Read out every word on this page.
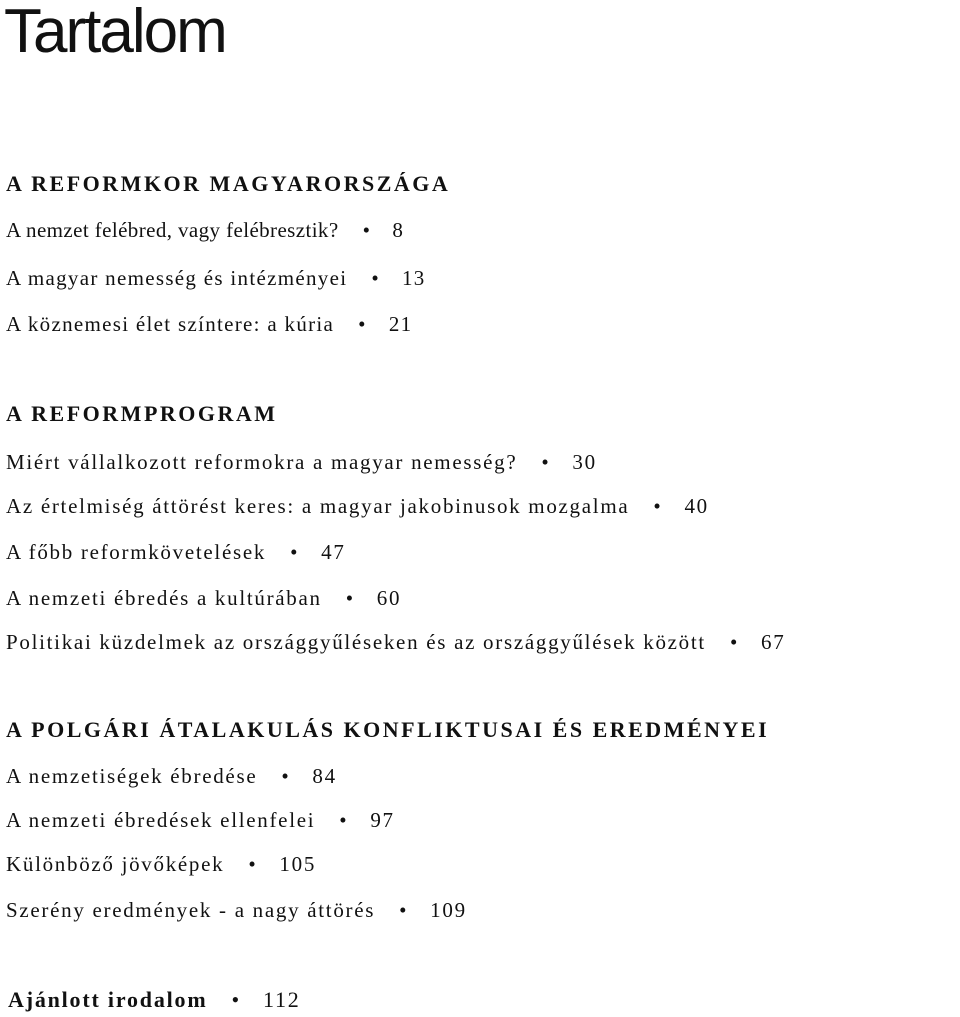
Tartalom
A REFORMKOR MAGYARORSZÁGA

A nemzet felébred, vagy felébresztik? • 8

A magyar nemesség és intézményei • 13

A köznemesi élet színtere: a kúria • 21

A REFORMPROGRAM

Miért vállalkozott reformokra a magyar nemesség? • 30

Az értelmiség áttörést keres: a magyar jakobinusok mozgalma • 40

A főbb reformkövetelések • 47

A nemzeti ébredés a kultúrában • 60

Politikai küzdelmek az országgyűléseken és az országgyűlések között • 67

A POLGÁRI ÁTALAKULÁS KONFLIKTUSAI ÉS EREDMÉNYEI

A nemzetiségek ébredése • 84

A nemzeti ébredések ellenfelei • 97

Különböző jövőképek • 105

Szerény eredmények - a nagy áttörés • 109

Ajánlott irodalom • 112
